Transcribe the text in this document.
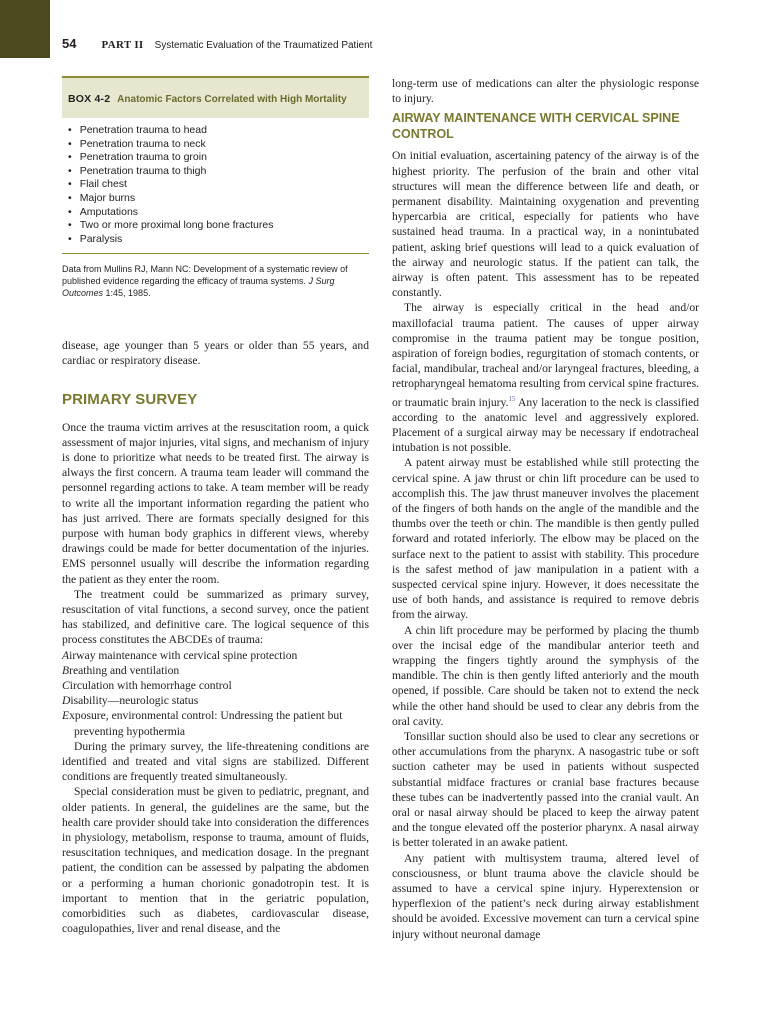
54 PART II Systematic Evaluation of the Traumatized Patient
BOX 4-2 Anatomic Factors Correlated with High Mortality
• Penetration trauma to head
• Penetration trauma to neck
• Penetration trauma to groin
• Penetration trauma to thigh
• Flail chest
• Major burns
• Amputations
• Two or more proximal long bone fractures
• Paralysis
Data from Mullins RJ, Mann NC: Development of a systematic review of published evidence regarding the efficacy of trauma systems. J Surg Outcomes 1:45, 1985.

disease, age younger than 5 years or older than 55 years, and cardiac or respiratory disease.

PRIMARY SURVEY

Once the trauma victim arrives at the resuscitation room, a quick assessment of major injuries, vital signs, and mechanism of injury is done to prioritize what needs to be treated first. The airway is always the first concern. A trauma team leader will command the personnel regarding actions to take. A team member will be ready to write all the important information regarding the patient who has just arrived. There are formats specially designed for this purpose with human body graphics in different views, whereby drawings could be made for better documentation of the injuries. EMS personnel usually will describe the information regarding the patient as they enter the room.

The treatment could be summarized as primary survey, resuscitation of vital functions, a second survey, once the patient has stabilized, and definitive care. The logical sequence of this process constitutes the ABCDEs of trauma:

Airway maintenance with cervical spine protection

Breathing and ventilation

Circulation with hemorrhage control

Disability—neurologic status

Exposure, environmental control: Undressing the patient but preventing hypothermia

During the primary survey, the life-threatening conditions are identified and treated and vital signs are stabilized. Different conditions are frequently treated simultaneously.

Special consideration must be given to pediatric, pregnant, and older patients. In general, the guidelines are the same, but the health care provider should take into consideration the differences in physiology, metabolism, response to trauma, amount of fluids, resuscitation techniques, and medication dosage. In the pregnant patient, the condition can be assessed by palpating the abdomen or a performing a human chorionic gonadotropin test. It is important to mention that in the geriatric population, comorbidities such as diabetes, cardiovascular disease, coagulopathies, liver and renal disease, and the

long-term use of medications can alter the physiologic response to injury.

AIRWAY MAINTENANCE WITH CERVICAL SPINE CONTROL

On initial evaluation, ascertaining patency of the airway is of the highest priority. The perfusion of the brain and other vital structures will mean the difference between life and death, or permanent disability. Maintaining oxygenation and preventing hypercarbia are critical, especially for patients who have sustained head trauma. In a practical way, in a nonintubated patient, asking brief questions will lead to a quick evaluation of the airway and neurologic status. If the patient can talk, the airway is often patent. This assessment has to be repeated constantly.

The airway is especially critical in the head and/or maxillofacial trauma patient. The causes of upper airway compromise in the trauma patient may be tongue position, aspiration of foreign bodies, regurgitation of stomach contents, or facial, mandibular, tracheal and/or laryngeal fractures, bleeding, a retropharyngeal hematoma resulting from cervical spine fractures. or traumatic brain injury.$^{15}$ Any laceration to the neck is classified according to the anatomic level and aggressively explored. Placement of a surgical airway may be necessary if endotracheal intubation is not possible.

A patent airway must be established while still protecting the cervical spine. A jaw thrust or chin lift procedure can be used to accomplish this. The jaw thrust maneuver involves the placement of the fingers of both hands on the angle of the mandible and the thumbs over the teeth or chin. The mandible is then gently pulled forward and rotated inferiorly. The elbow may be placed on the surface next to the patient to assist with stability. This procedure is the safest method of jaw manipulation in a patient with a suspected cervical spine injury. However, it does necessitate the use of both hands, and assistance is required to remove debris from the airway.

A chin lift procedure may be performed by placing the thumb over the incisal edge of the mandibular anterior teeth and wrapping the fingers tightly around the symphysis of the mandible. The chin is then gently lifted anteriorly and the mouth opened, if possible. Care should be taken not to extend the neck while the other hand should be used to clear any debris from the oral cavity.

Tonsillar suction should also be used to clear any secretions or other accumulations from the pharynx. A nasogastric tube or soft suction catheter may be used in patients without suspected substantial midface fractures or cranial base fractures because these tubes can be inadvertently passed into the cranial vault. An oral or nasal airway should be placed to keep the airway patent and the tongue elevated off the posterior pharynx. A nasal airway is better tolerated in an awake patient.

Any patient with multisystem trauma, altered level of consciousness, or blunt trauma above the clavicle should be assumed to have a cervical spine injury. Hyperextension or hyperflexion of the patient’s neck during airway establishment should be avoided. Excessive movement can turn a cervical spine injury without neuronal damage
